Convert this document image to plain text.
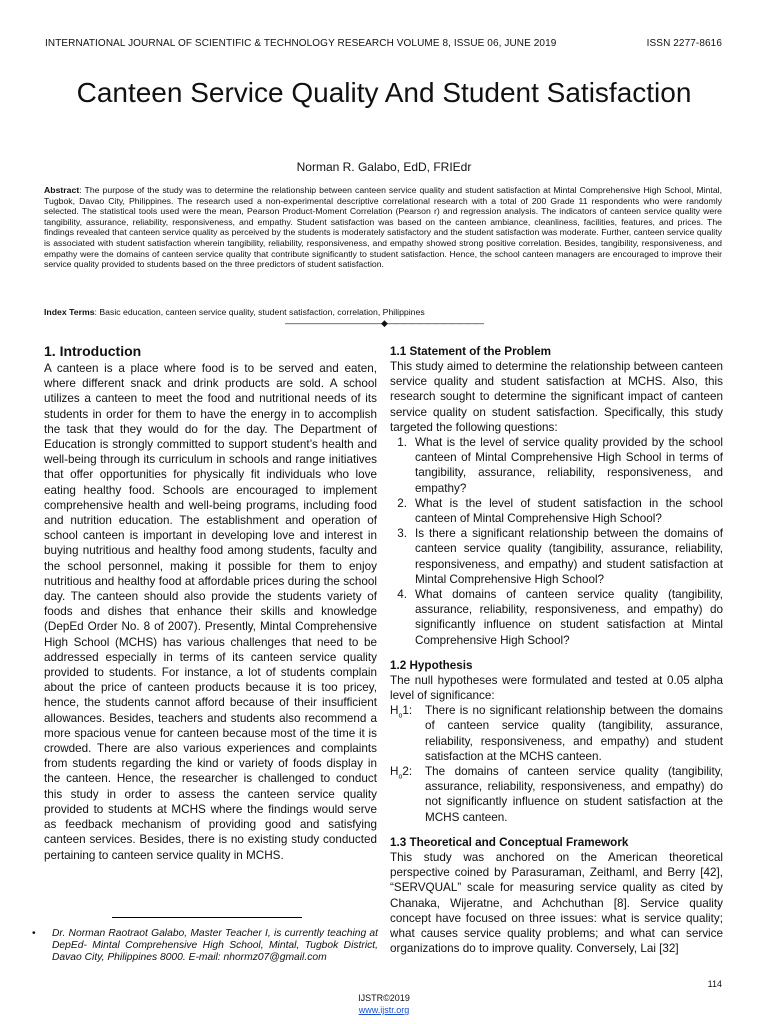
INTERNATIONAL JOURNAL OF SCIENTIFIC & TECHNOLOGY RESEARCH VOLUME 8, ISSUE 06, JUNE 2019	ISSN 2277-8616
Canteen Service Quality And Student Satisfaction
Norman R. Galabo, EdD, FRIEdr

Abstract: The purpose of the study was to determine the relationship between canteen service quality and student satisfaction at Mintal Comprehensive High School, Mintal, Tugbok, Davao City, Philippines. The research used a non-experimental descriptive correlational research with a total of 200 Grade 11 respondents who were randomly selected. The statistical tools used were the mean, Pearson Product-Moment Correlation (Pearson r) and regression analysis. The indicators of canteen service quality were tangibility, assurance, reliability, responsiveness, and empathy. Student satisfaction was based on the canteen ambiance, cleanliness, facilities, features, and prices. The findings revealed that canteen service quality as perceived by the students is moderately satisfactory and the student satisfaction was moderate. Further, canteen service quality is associated with student satisfaction wherein tangibility, reliability, responsiveness, and empathy showed strong positive correlation. Besides, tangibility, responsiveness, and empathy were the domains of canteen service quality that contribute significantly to student satisfaction. Hence, the school canteen managers are encouraged to improve their service quality provided to students based on the three predictors of student satisfaction.

Index Terms: Basic education, canteen service quality, student satisfaction, correlation, Philippines

————————————◆————————————
1. Introduction

A canteen is a place where food is to be served and eaten, where different snack and drink products are sold. A school utilizes a canteen to meet the food and nutritional needs of its students in order for them to have the energy in to accomplish the task that they would do for the day. The Department of Education is strongly committed to support student’s health and well-being through its curriculum in schools and range initiatives that offer opportunities for physically fit individuals who love eating healthy food. Schools are encouraged to implement comprehensive health and well-being programs, including food and nutrition education. The establishment and operation of school canteen is important in developing love and interest in buying nutritious and healthy food among students, faculty and the school personnel, making it possible for them to enjoy nutritious and healthy food at affordable prices during the school day. The canteen should also provide the students variety of foods and dishes that enhance their skills and knowledge (DepEd Order No. 8 of 2007). Presently, Mintal Comprehensive High School (MCHS) has various challenges that need to be addressed especially in terms of its canteen service quality provided to students. For instance, a lot of students complain about the price of canteen products because it is too pricey, hence, the students cannot afford because of their insufficient allowances. Besides, teachers and students also recommend a more spacious venue for canteen because most of the time it is crowded. There are also various experiences and complaints from students regarding the kind or variety of foods display in the canteen. Hence, the researcher is challenged to conduct this study in order to assess the canteen service quality provided to students at MCHS where the findings would serve as feedback mechanism of providing good and satisfying canteen services. Besides, there is no existing study conducted pertaining to canteen service quality in MCHS.

1.1 Statement of the Problem

This study aimed to determine the relationship between canteen service quality and student satisfaction at MCHS. Also, this research sought to determine the significant impact of canteen service quality on student satisfaction. Specifically, this study targeted the following questions:

1. What is the level of service quality provided by the school canteen of Mintal Comprehensive High School in terms of tangibility, assurance, reliability, responsiveness, and empathy?
2. What is the level of student satisfaction in the school canteen of Mintal Comprehensive High School?
3. Is there a significant relationship between the domains of canteen service quality (tangibility, assurance, reliability, responsiveness, and empathy) and student satisfaction at Mintal Comprehensive High School?
4. What domains of canteen service quality (tangibility, assurance, reliability, responsiveness, and empathy) do significantly influence on student satisfaction at Mintal Comprehensive High School?
1.2 Hypothesis

The null hypotheses were formulated and tested at 0.05 alpha level of significance:

$H_o1$:	There is no significant relationship between the domains of canteen service quality (tangibility, assurance, reliability, responsiveness, and empathy) and student satisfaction at the MCHS canteen.
$H_o2$:	The domains of canteen service quality (tangibility, assurance, reliability, responsiveness, and empathy) do not significantly influence on student satisfaction at the MCHS canteen.
1.3 Theoretical and Conceptual Framework

This study was anchored on the American theoretical perspective coined by Parasuraman, Zeithaml, and Berry [42], “SERVQUAL” scale for measuring service quality as cited by Chanaka, Wijeratne, and Achchuthan [8]. Service quality concept have focused on three issues: what is service quality; what causes service quality problems; and what can service organizations do to improve quality. Conversely, Lai [32]

•	Dr. Norman Raotraot Galabo, Master Teacher I, is currently teaching at DepEd- Mintal Comprehensive High School, Mintal, Tugbok District, Davao City, Philippines 8000. E-mail: nhormz07@gmail.com
114
IJSTR©2019
www.ijstr.org
